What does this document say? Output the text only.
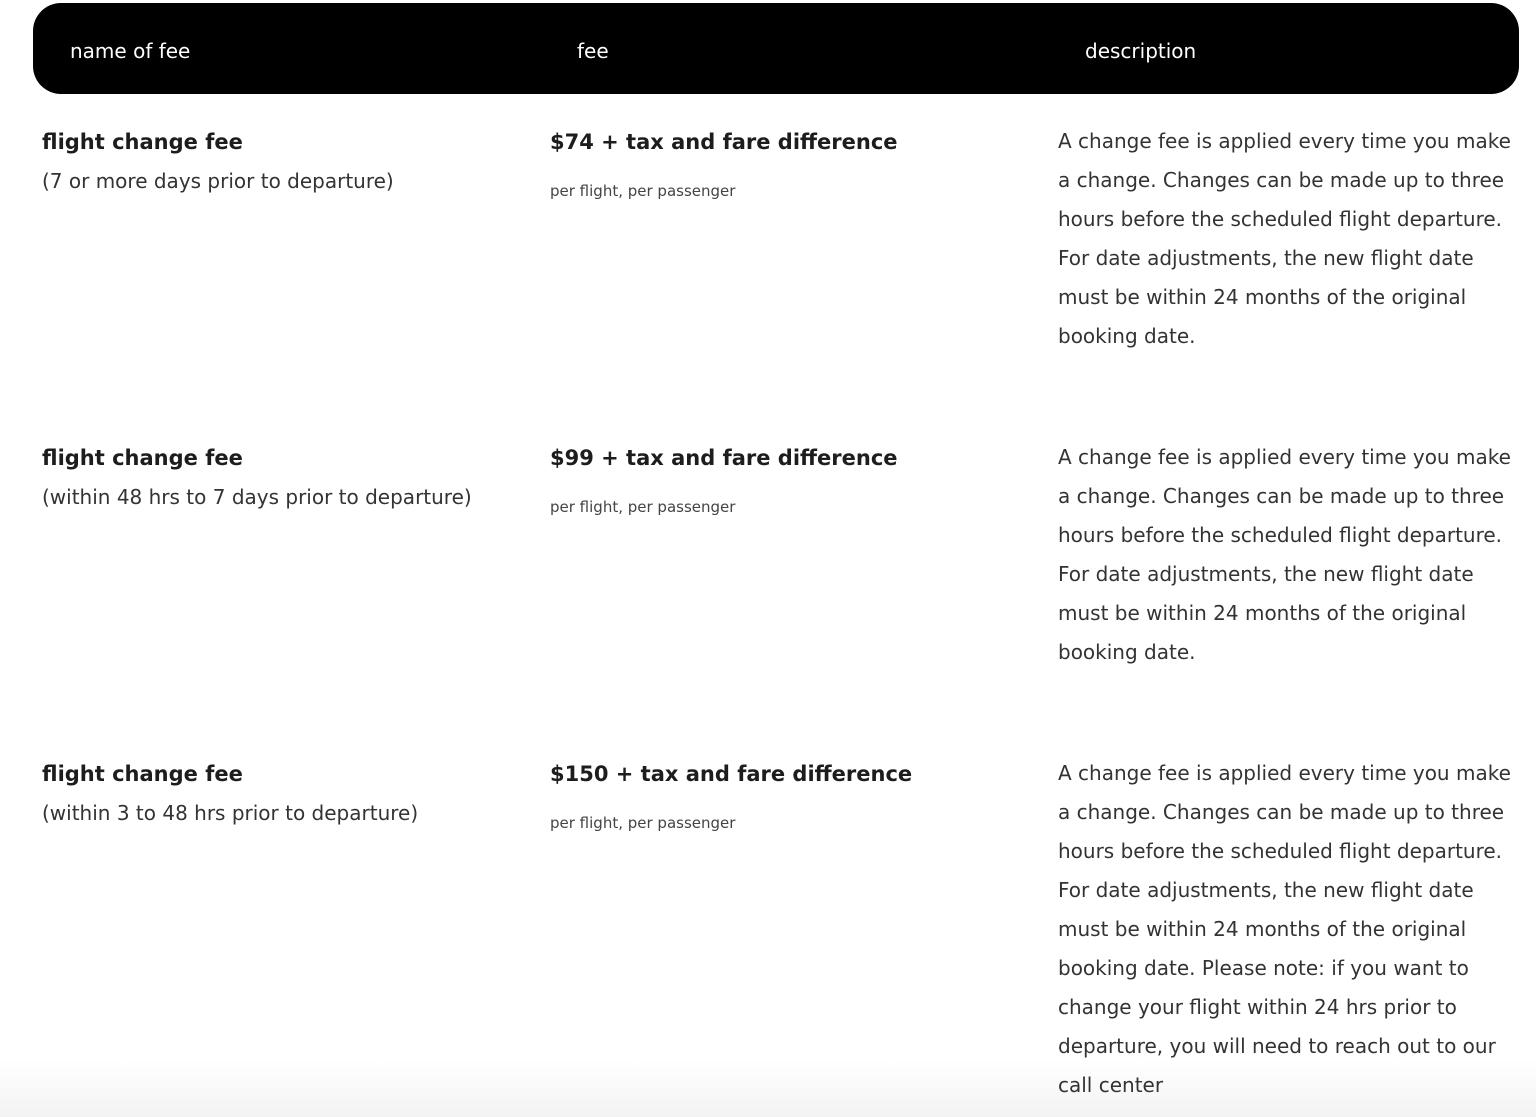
name of fee	fee	description
flight change fee
(7 or more days prior to departure)
$74 + tax and fare difference
per flight, per passenger
A change fee is applied every time you make a change. Changes can be made up to three hours before the scheduled flight departure. For date adjustments, the new flight date must be within 24 months of the original booking date.
flight change fee
(within 48 hrs to 7 days prior to departure)
$99 + tax and fare difference
per flight, per passenger
A change fee is applied every time you make a change. Changes can be made up to three hours before the scheduled flight departure. For date adjustments, the new flight date must be within 24 months of the original booking date.
flight change fee
(within 3 to 48 hrs prior to departure)
$150 + tax and fare difference
per flight, per passenger
A change fee is applied every time you make a change. Changes can be made up to three hours before the scheduled flight departure. For date adjustments, the new flight date must be within 24 months of the original booking date. Please note: if you want to change your flight within 24 hrs prior to departure, you will need to reach out to our call center
